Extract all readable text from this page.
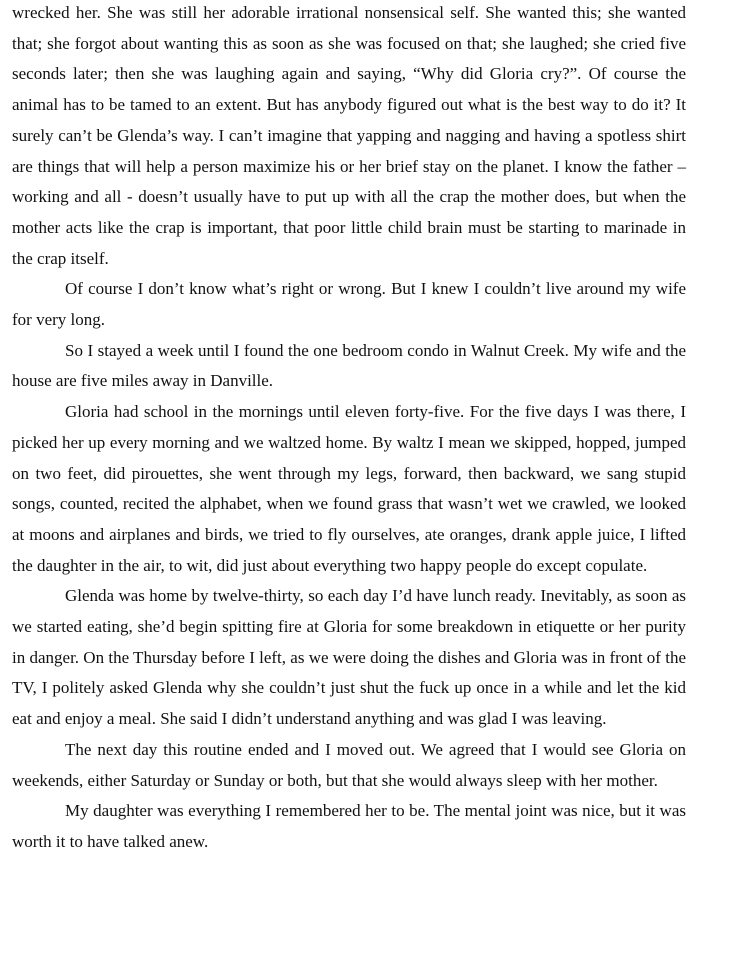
wrecked her. She was still her adorable irrational nonsensical self. She wanted this; she wanted that; she forgot about wanting this as soon as she was focused on that; she laughed; she cried five seconds later; then she was laughing again and saying, “Why did Gloria cry?”. Of course the animal has to be tamed to an extent. But has anybody figured out what is the best way to do it? It surely can’t be Glenda’s way. I can’t imagine that yapping and nagging and having a spotless shirt are things that will help a person maximize his or her brief stay on the planet. I know the father – working and all - doesn’t usually have to put up with all the crap the mother does, but when the mother acts like the crap is important, that poor little child brain must be starting to marinade in the crap itself.

Of course I don’t know what’s right or wrong. But I knew I couldn’t live around my wife for very long.

So I stayed a week until I found the one bedroom condo in Walnut Creek. My wife and the house are five miles away in Danville.

Gloria had school in the mornings until eleven forty-five. For the five days I was there, I picked her up every morning and we waltzed home. By waltz I mean we skipped, hopped, jumped on two feet, did pirouettes, she went through my legs, forward, then backward, we sang stupid songs, counted, recited the alphabet, when we found grass that wasn’t wet we crawled, we looked at moons and airplanes and birds, we tried to fly ourselves, ate oranges, drank apple juice, I lifted the daughter in the air, to wit, did just about everything two happy people do except copulate.

Glenda was home by twelve-thirty, so each day I’d have lunch ready. Inevitably, as soon as we started eating, she’d begin spitting fire at Gloria for some breakdown in etiquette or her purity in danger. On the Thursday before I left, as we were doing the dishes and Gloria was in front of the TV, I politely asked Glenda why she couldn’t just shut the fuck up once in a while and let the kid eat and enjoy a meal. She said I didn’t understand anything and was glad I was leaving.

The next day this routine ended and I moved out. We agreed that I would see Gloria on weekends, either Saturday or Sunday or both, but that she would always sleep with her mother.

My daughter was everything I remembered her to be. The mental joint was nice, but it was worth it to have talked anew.
